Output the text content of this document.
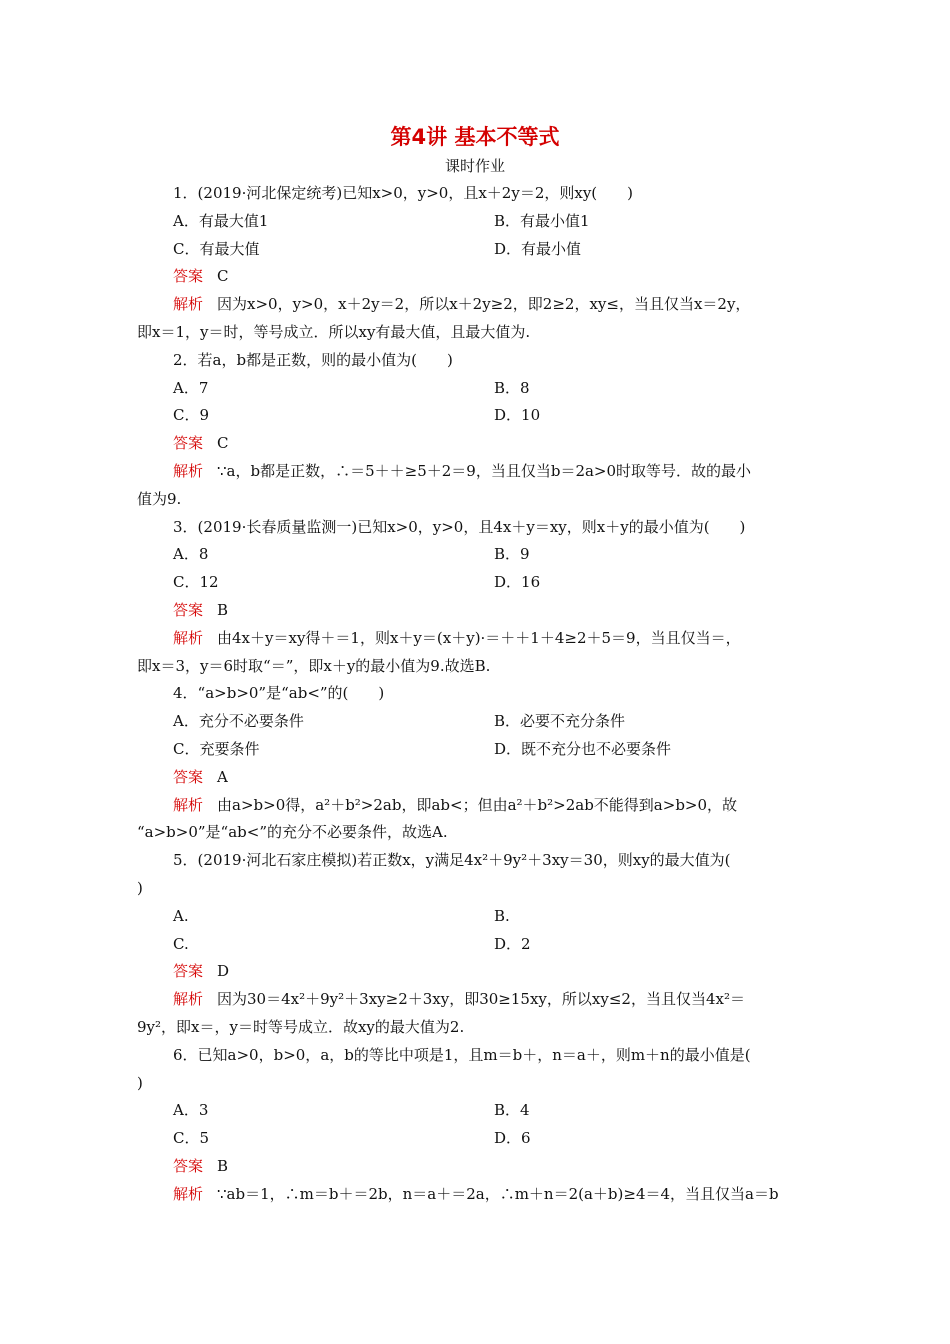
第4讲 基本不等式
课时作业
1．(2019·河北保定统考)已知x>0，y>0，且x＋2y＝2，则xy(　　)
A．有最大值1	B．有最小值1
C．有最大值	D．有最小值
答案 C
解析 因为x>0，y>0，x＋2y＝2，所以x＋2y≥2，即2≥2，xy≤，当且仅当x＝2y，
即x＝1，y＝时，等号成立．所以xy有最大值，且最大值为.
2．若a，b都是正数，则的最小值为(　　)
A．7	B．8
C．9	D．10
答案 C
解析 ∵a，b都是正数，∴＝5＋＋≥5＋2＝9，当且仅当b＝2a>0时取等号．故的最小
值为9.
3．(2019·长春质量监测一)已知x>0，y>0，且4x＋y＝xy，则x＋y的最小值为(　　)
A．8	B．9
C．12	D．16
答案 B
解析 由4x＋y＝xy得＋＝1，则x＋y＝(x＋y)·＝＋＋1＋4≥2＋5＝9，当且仅当＝，
即x＝3，y＝6时取“＝”，即x＋y的最小值为9.故选B.
4．“a>b>0”是“ab<”的(　　)
A．充分不必要条件	B．必要不充分条件
C．充要条件	D．既不充分也不必要条件
答案 A
解析 由a>b>0得，a²＋b²>2ab，即ab<；但由a²＋b²>2ab不能得到a>b>0，故
“a>b>0”是“ab<”的充分不必要条件，故选A.
5．(2019·河北石家庄模拟)若正数x，y满足4x²＋9y²＋3xy＝30，则xy的最大值为(
)
A.	B.
C.	D．2
答案 D
解析 因为30＝4x²＋9y²＋3xy≥2＋3xy，即30≥15xy，所以xy≤2，当且仅当4x²＝
9y²，即x＝，y＝时等号成立．故xy的最大值为2.
6．已知a>0，b>0，a，b的等比中项是1，且m＝b＋，n＝a＋，则m＋n的最小值是(
)
A．3	B．4
C．5	D．6
答案 B
解析 ∵ab＝1，∴m＝b＋＝2b，n＝a＋＝2a，∴m＋n＝2(a＋b)≥4＝4，当且仅当a＝b
